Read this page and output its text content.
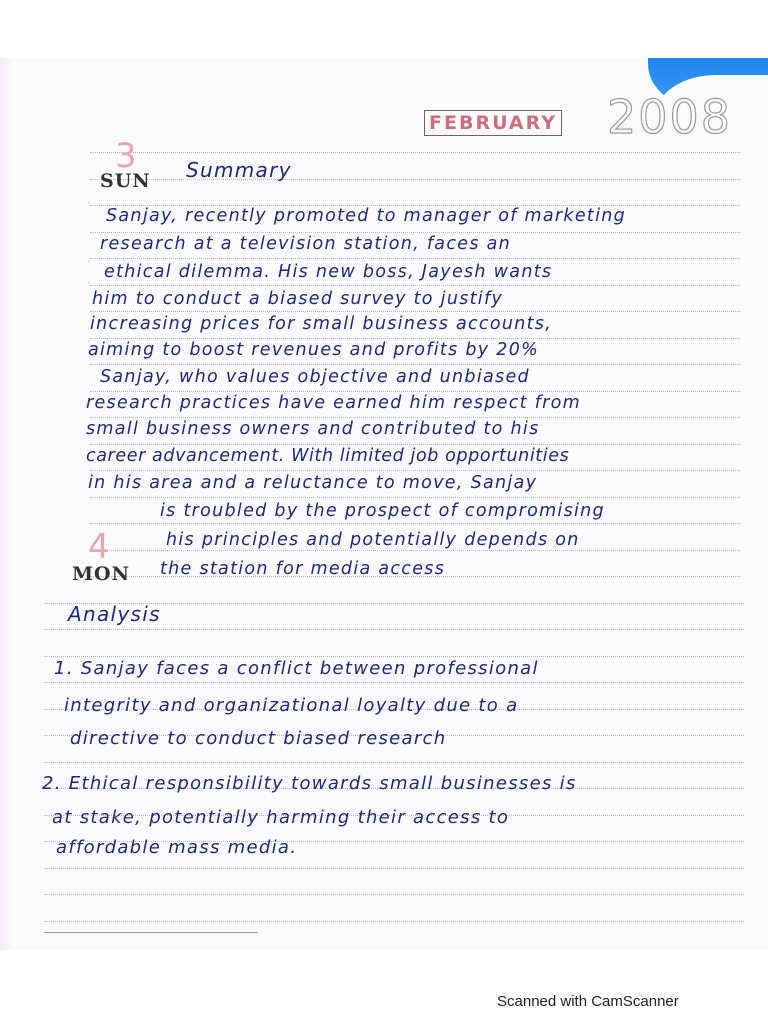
FEBRUARY 2008
3
SUN
4
MON
Summary
Sanjay, recently promoted to manager of marketing
research at a television station, faces an
ethical dilemma. His new boss, Jayesh wants
him to conduct a biased survey to justify
increasing prices for small business accounts,
aiming to boost revenues and profits by 20%
Sanjay, who values objective and unbiased
research practices have earned him respect from
small business owners and contributed to his
career advancement. With limited job opportunities
in his area and a reluctance to move, Sanjay
is troubled by the prospect of compromising
his principles and potentially depends on
the station for media access
Analysis
1. Sanjay faces a conflict between professional
integrity and organizational loyalty due to a
directive to conduct biased research
2. Ethical responsibility towards small businesses is
at stake, potentially harming their access to
affordable mass media.
Scanned with CamScanner
